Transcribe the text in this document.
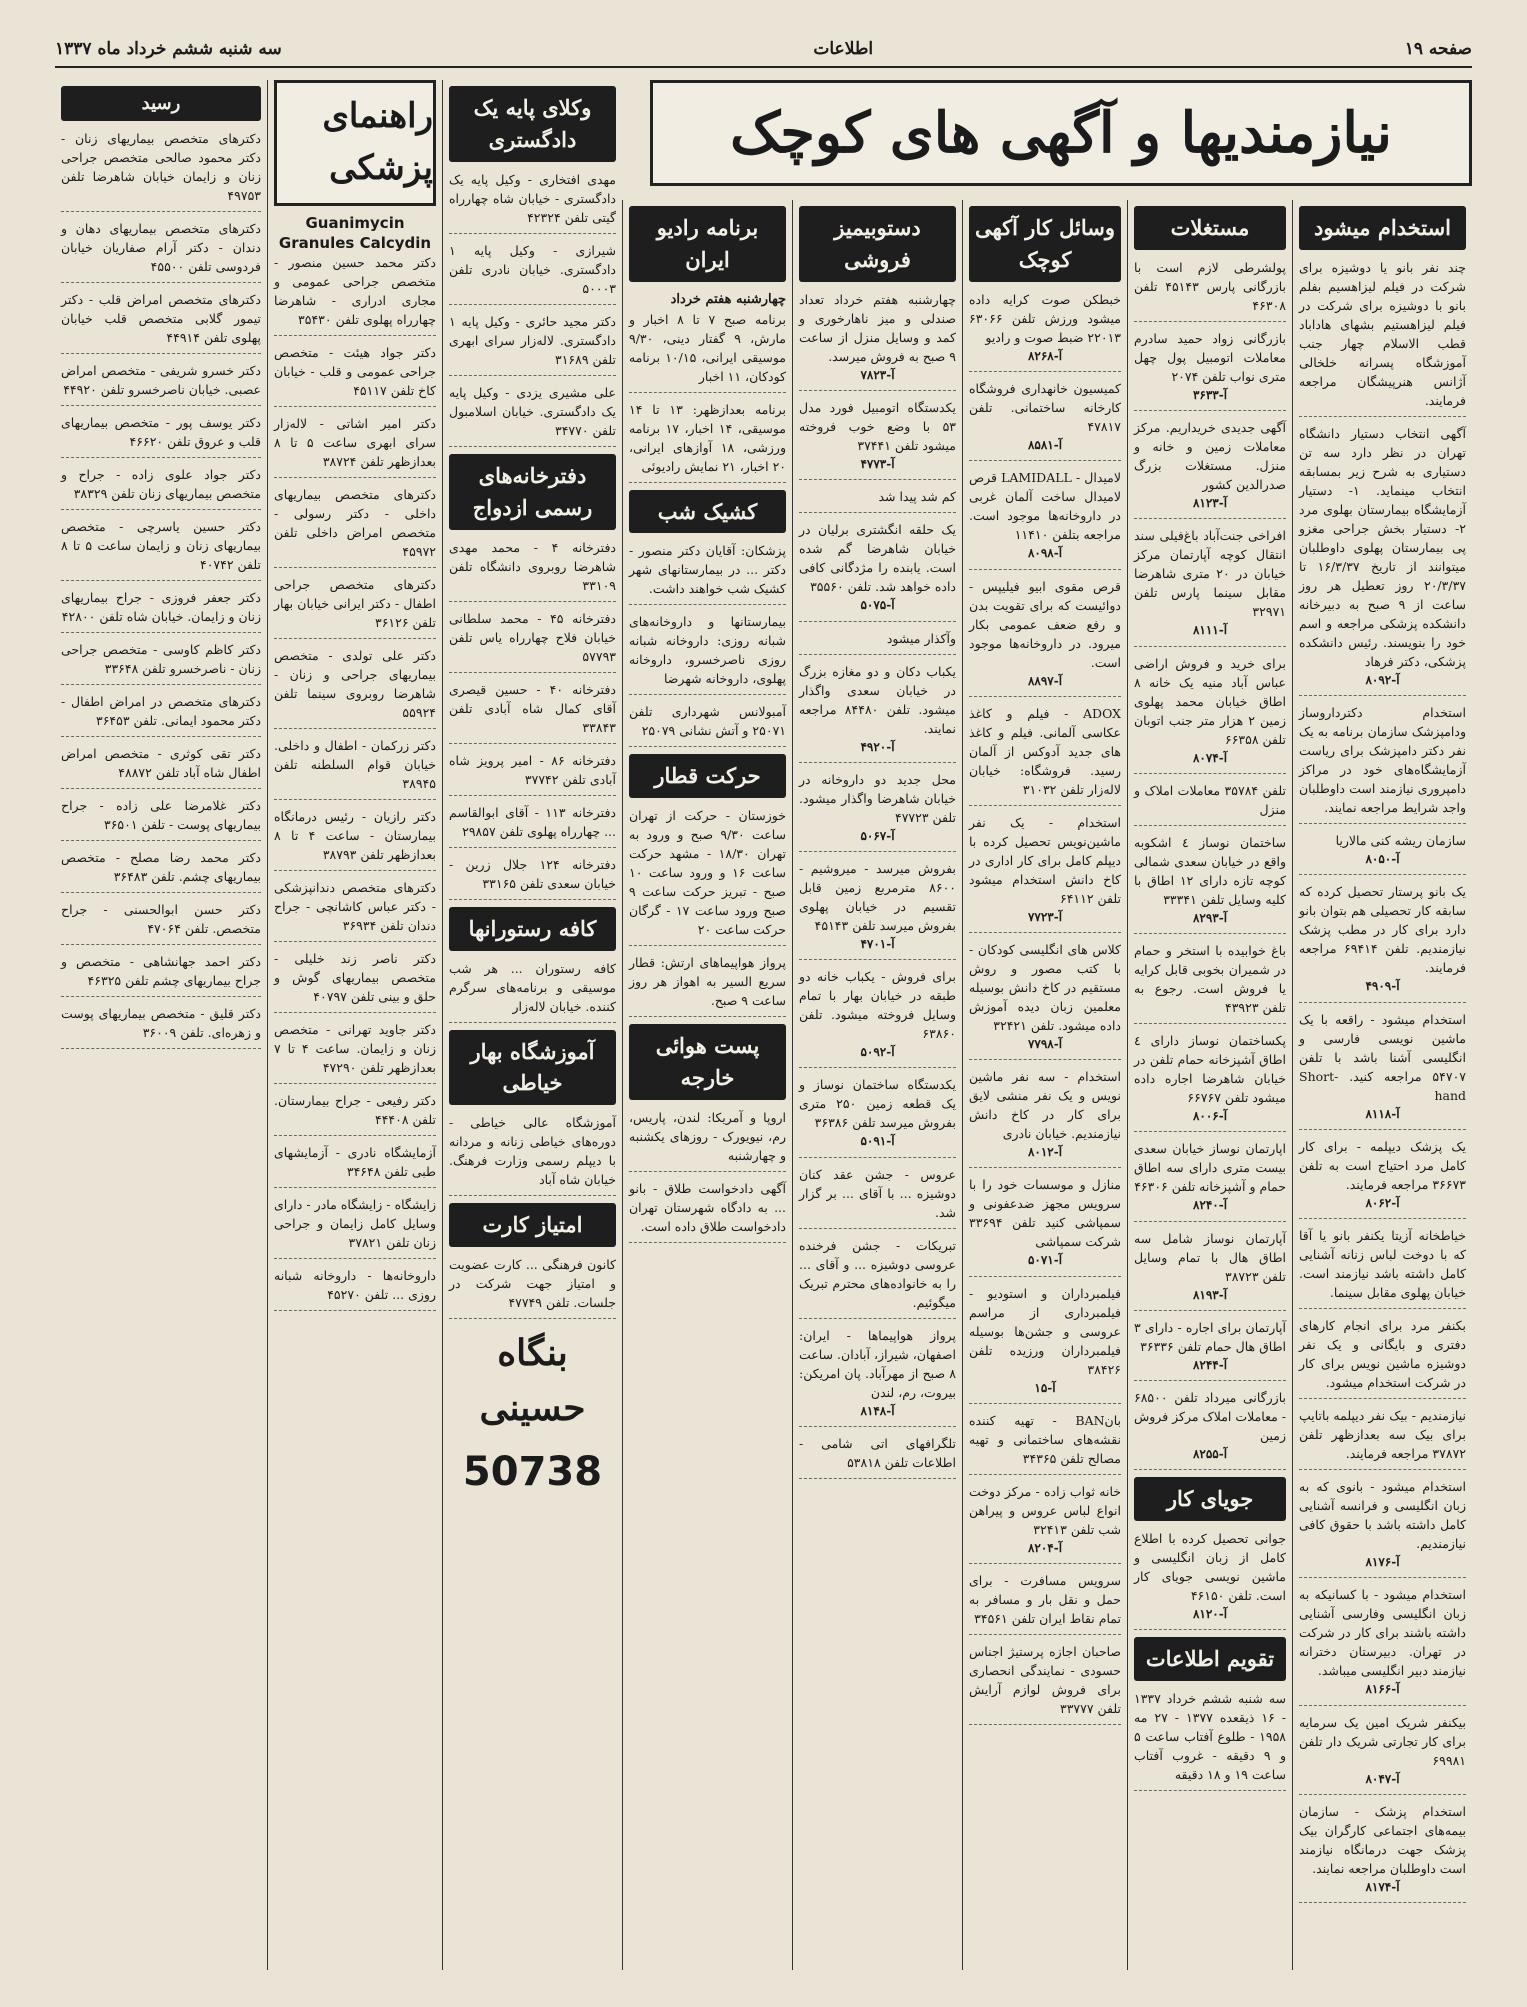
صفحه ۱۹
اطلاعات
سه شنبه ششم خرداد ماه ۱۳۳۷
نیازمندیها و آگهی های کوچک
استخدام میشود
چند نفر بانو یا دوشیزه برای شرکت در فیلم لیزاهسیم بفلم بانو با دوشیزه برای شرکت در فیلم لیزاهستیم بشهای هاداباد قطب الاسلام چهار جنب آموزشگاه پسرانه خلخالی آژانس هنرپیشگان مراجعه فرمایند.
آگهی انتخاب دستیار دانشگاه تهران در نظر دارد سه تن دستیاری به شرح زیر بمسابقه انتخاب مینماید. ۱- دستیار آزمایشگاه بیمارستان بهلوی مرد ۲- دستیار بخش جراحی مغزو پی بیمارستان پهلوی داوطلبان میتوانند از تاریخ ۱۶/۳/۳۷ تا ۲۰/۳/۳۷ روز تعطیل هر روز ساعت از ۹ صبح به دبیرخانه دانشکده پزشکی مراجعه و اسم خود را بنویسند. رئیس دانشکده پزشکی، دکتر فرهاد
آ-۸۰۹۲
استخدام دکترداروساز ودامپزشک سازمان برنامه به یک نفر دکتر دامپزشک برای ریاست آزمایشگاه‌های خود در مراکز دامپروری نیازمند است داوطلبان واجد شرایط مراجعه نمایند.
سازمان ریشه کنی مالاریا
آ-۸۰۵۰
یک بانو پرستار تحصیل کرده که سابقه کار تحصیلی هم بتوان بانو دارد برای کار در مطب پزشک نیازمندیم. تلفن ۶۹۴۱۴ مراجعه فرمایند.
آ-۴۹۰۹
استخدام میشود - راقعه با یک ماشین نویسی فارسی و انگلیسی آشنا باشد با تلفن ۵۴۷۰۷ مراجعه کنید. Short-hand
آ-۸۱۱۸
یک پزشک دیپلمه - برای کار کامل مرد احتیاج است به تلفن ۳۶۶۷۳ مراجعه فرمایند.
آ-۸۰۶۲
خیاطخانه آزیتا یکنفر بانو یا آقا که با دوخت لباس زنانه آشنایی کامل داشته باشد نیازمند است. خیابان پهلوی مقابل سینما.
بکنفر مرد برای انجام کارهای دفتری و بایگانی و یک نفر دوشیزه ماشین نویس برای کار در شرکت استخدام میشود.
نیازمندیم - بیک نفر دیپلمه باتایپ برای بیک سه بعدازظهر تلفن ۳۷۸۷۲ مراجعه فرمایند.
استخدام میشود - بانوی که به زبان انگلیسی و فرانسه آشنایی کامل داشته باشد با حقوق کافی نیازمندیم.
آ-۸۱۷۶
استخدام میشود - با کسانیکه به زبان انگلیسی وفارسی آشنایی داشته باشند برای کار در شرکت در تهران. دبیرستان دخترانه نیازمند دبیر انگلیسی میباشد.
آ-۸۱۶۶
بیکنفر شریک امین یک سرمایه برای کار تجارتی شریک دار تلفن ۶۹۹۸۱
آ-۸۰۴۷
استخدام پزشک - سازمان بیمه‌های اجتماعی کارگران بیک پزشک جهت درمانگاه نیازمند است داوطلبان مراجعه نمایند.
آ-۸۱۷۴
مستغلات
پولشرطی لازم است با بازرگانی پارس ۴۵۱۴۳ تلفن ۴۶۳۰۸
بازرگانی زواد حمید سادرم معاملات اتومبیل پول چهل مترى نواب تلفن ۲۰۷۴
آ-۳۶۳۳
آگهی جدیدی خریداریم. مرکز معاملات زمین و خانه و منزل. مستغلات بزرگ صدرالدین کشور
آ-۸۱۲۳
افراخی جنت‌آباد باغ‌فیلی سند انتقال کوچه آپارتمان مرکز خیابان در ۲۰ متری شاهرضا مقابل سینما پارس تلفن ۳۲۹۷۱
آ-۸۱۱۱
برای خرید و فروش اراضی عباس آباد منیه یک خانه ۸ اطاق خیابان محمد پهلوی زمین ۲ هزار متر جنب اتوبان تلفن ۶۶۳۵۸
آ-۸۰۷۴
تلفن ۳۵۷۸۴ معاملات املاک و منزل
ساختمان نوساز ٤ اشکوبه واقع در خیابان سعدی شمالی کوچه تازه دارای ۱۲ اطاق با کلیه وسایل تلفن ۳۳۳۴۱
آ-۸۲۹۳
باغ خوابیده با استخر و حمام در شمیران بخوبی قابل کرایه یا فروش است. رجوع به تلفن ۴۳۹۲۳
پکساختمان نوساز دارای ٤ اطاق آشپزخانه حمام تلفن در خیابان شاهرضا اجاره داده میشود تلفن ۶۶۷۶۷
آ-۸۰۰۶
اپارتمان نوساز خیابان سعدی بیست متری دارای سه اطاق حمام و آشپزخانه تلفن ۴۶۳۰۶
آ-۸۲۴۰
آپارتمان نوساز شامل سه اطاق هال با تمام وسایل تلفن ۳۸۷۲۳
آ-۸۱۹۳
آپارتمان برای اجاره - دارای ۳ اطاق هال حمام تلفن ۳۶۳۳۶
آ-۸۲۴۴
بازرگانی میرداد تلفن ۶۸۵۰۰ - معاملات املاک مرکز فروش زمین
آ-۸۲۵۵
جویای کار
جوانی تحصیل کرده با اطلاع کامل از زبان انگلیسی و ماشین نویسی جویای کار است. تلفن ۴۶۱۵۰
آ-۸۱۲۰
تقویم اطلاعات
سه شنبه ششم خرداد ۱۳۳۷ - ۱۶ ذیقعده ۱۳۷۷ - ۲۷ مه ۱۹۵۸ - طلوع آفتاب ساعت ۵ و ۹ دقیقه - غروب آفتاب ساعت ۱۹ و ۱۸ دقیقه
وسائل کار آکهی کوچک
خبطکن صوت کرایه داده میشود ورزش تلفن ۶۳۰۶۶ ۲۲۰۱۳ ضبط صوت و رادیو
آ-۸۲۶۸
کمیسیون خانهداری فروشگاه کارخانه ساختمانی. تلفن ۴۷۸۱۷
آ-۸۵۸۱
لامیدال - LAMIDALL قرص لامیدال ساخت آلمان غربی در داروخانه‌ها موجود است. مراجعه بتلفن ۱۱۴۱۰
آ-۸۰۹۸
قرص مقوی ابیو فیلیپس - دوائیست که برای تقویت بدن و رفع ضعف عمومی بکار میرود. در داروخانه‌ها موجود است.
آ-۸۸۹۷
ADOX - فیلم و کاغذ عکاسی آلمانی. فیلم و کاغذ های جدید آدوکس از آلمان رسید. فروشگاه: خیابان لاله‌زار تلفن ۳۱۰۳۲
استخدام - یک نفر ماشین‌نویس تحصیل کرده با دیپلم کامل برای کار اداری در کاخ دانش استخدام میشود تلفن ۶۴۱۱۲
آ-۷۷۲۳
کلاس های انگلیسی کودکان - با کتب مصور و روش مستقیم در کاخ دانش بوسیله معلمین زبان دیده آموزش داده میشود. تلفن ۳۲۴۲۱
آ-۷۷۹۸
استخدام - سه نفر ماشین نویس و یک نفر منشی لایق برای کار در کاخ دانش نیازمندیم. خیابان نادری
آ-۸۰۱۲
منازل و موسسات خود را با سرویس مجهز ضدعفونی و سمپاشی کنید تلفن ۳۳۶۹۴ شرکت سمپاشی
آ-۵۰۷۱
فیلمبرداران و استودیو - فیلمبرداری از مراسم عروسی و جشن‌ها بوسیله فیلمبرداران ورزیده تلفن ۳۸۴۲۶
آ-۱۵
بانBAN - تهیه کننده نقشه‌های ساختمانی و تهیه مصالح تلفن ۳۴۳۶۵
خانه ثواب زاده - مرکز دوخت انواع لباس عروس و پیراهن شب تلفن ۳۲۴۱۳
آ-۸۲۰۴
سرویس مسافرت - برای حمل و نقل بار و مسافر به تمام نقاط ایران تلفن ۳۴۵۶۱
صاحبان اجازه پرستیژ اجناس حسودی - نمایندگی انحصاری برای فروش لوازم آرایش تلفن ۳۳۷۷۷
دستوبیمیز فروشی
چهارشنبه هفتم خرداد تعداد صندلی و میز ناهارخوری و کمد و وسایل منزل از ساعت ۹ صبح به فروش میرسد.
آ-۷۸۲۳
یکدستگاه اتومبیل فورد مدل ۵۳ با وضع خوب فروخته میشود تلفن ۳۷۴۴۱
آ-۴۷۷۳
کم شد پیدا شد
یک حلقه انگشتری برلیان در خیابان شاهرضا گم شده است. یابنده را مژدگانی کافی داده خواهد شد. تلفن ۳۵۵۶۰
آ-۵۰۷۵
وآکذار میشود
یکباب دکان و دو مغازه بزرگ در خیابان سعدی واگذار میشود. تلفن ۸۴۴۸۰ مراجعه نمایند.
آ-۴۹۲۰
محل جدید دو داروخانه در خیابان شاهرضا واگذار میشود. تلفن ۴۷۷۲۳
آ-۵۰۶۷
بفروش میرسد - میروشیم - ۸۶۰۰ مترمربع زمین قابل تقسیم در خیابان پهلوی بفروش میرسد تلفن ۴۵۱۴۳
آ-۴۷۰۱
برای فروش - یکباب خانه دو طبقه در خیابان بهار با تمام وسایل فروخته میشود. تلفن ۶۳۸۶۰
آ-۵۰۹۲
یکدستگاه ساختمان نوساز و یک قطعه زمین ۲۵۰ متری بفروش میرسد تلفن ۳۶۳۸۶
آ-۵۰۹۱
عروس - جشن عقد کنان دوشیزه ... با آقای ... بر گزار شد.
تبریکات - جشن فرخنده عروسی دوشیزه ... و آقای ... را به خانواده‌های محترم تبریک میگوئیم.
پرواز هواپیماها - ایران: اصفهان، شیراز، آبادان. ساعت ۸ صبح از مهرآباد. پان امریکن: بیروت، رم، لندن
آ-۸۱۴۸
تلگرافهای اتی شامی - اطلاعات تلفن ۵۳۸۱۸
برنامه رادیو ایران
چهارشنبه هفتم خرداد
برنامه صبح ۷ تا ۸ اخبار و مارش، ۹ گفتار دینی، ۹/۳۰ موسیقی ایرانی، ۱۰/۱۵ برنامه کودکان، ۱۱ اخبار
برنامه بعدازظهر: ۱۳ تا ۱۴ موسیقی، ۱۴ اخبار، ۱۷ برنامه ورزشی، ۱۸ آوازهای ایرانی، ۲۰ اخبار، ۲۱ نمایش رادیوئی
کشیک شب
پزشکان: آقایان دکتر منصور - دکتر ... در بیمارستانهای شهر کشیک شب خواهند داشت.
بیمارستانها و داروخانه‌های شبانه روزی: داروخانه شبانه روزی ناصرخسرو، داروخانه پهلوی، داروخانه شهرضا
آمبولانس شهرداری تلفن ۲۵۰۷۱ و آتش نشانی ۲۵۰۷۹
حرکت قطار
خوزستان - حرکت از تهران ساعت ۹/۳۰ صبح و ورود به تهران ۱۸/۳۰ - مشهد حرکت ساعت ۱۶ و ورود ساعت ۱۰ صبح - تبریز حرکت ساعت ۹ صبح ورود ساعت ۱۷ - گرگان حرکت ساعت ۲۰
پرواز هواپیماهای ارتش: قطار سریع السیر به اهواز هر روز ساعت ۹ صبح.
پست هوائی خارجه
اروپا و آمریکا: لندن، پاریس، رم، نیویورک - روزهای یکشنبه و چهارشنبه
آگهی دادخواست طلاق - بانو ... به دادگاه شهرستان تهران دادخواست طلاق داده است.
وکلای پایه یک دادگستری
مهدی افتخاری - وکیل پایه یک دادگستری - خیابان شاه چهارراه گیتی تلفن ۴۲۳۲۴
شیرازی - وکیل پایه ۱ دادگستری. خیابان نادری تلفن ۵۰۰۰۳
دکتر مجید حائری - وکیل پایه ۱ دادگستری. لاله‌زار سرای ابهری تلفن ۳۱۶۸۹
علی مشیری یزدی - وکیل پایه یک دادگستری. خیابان اسلامبول تلفن ۳۴۷۷۰
دفترخانه‌های رسمی ازدواج
دفترخانه ۴ - محمد مهدی شاهرضا روبروی دانشگاه تلفن ۳۳۱۰۹
دفترخانه ۴۵ - محمد سلطانی خیابان فلاح چهارراه یاس تلفن ۵۷۷۹۳
دفترخانه ۴۰ - حسین قیصری آقای کمال شاه آبادی تلفن ۳۳۸۴۳
دفترخانه ۸۶ - امیر پرویز شاه آبادی تلفن ۳۷۷۴۲
دفترخانه ۱۱۳ - آقای ابوالقاسم ... چهارراه پهلوی تلفن ۲۹۸۵۷
دفترخانه ۱۲۴ جلال زرین - خیابان سعدی تلفن ۳۳۱۶۵
کافه رستورانها
کافه رستوران ... هر شب موسیقی و برنامه‌های سرگرم کننده. خیابان لاله‌زار
آموزشگاه بهار خیاطی
آموزشگاه عالی خیاطی - دوره‌های خیاطی زنانه و مردانه با دیپلم رسمی وزارت فرهنگ. خیابان شاه آباد
امتیاز کارت
کانون فرهنگی ... کارت عضویت و امتیاز جهت شرکت در جلسات. تلفن ۴۷۷۴۹
بنگاه حسینی
50738
راهنمای پزشکی
Guanimycin Granules Calcydin
دکتر محمد حسین منصور - متخصص جراحی عمومی و مجاری ادراری - شاهرضا چهارراه پهلوی تلفن ۳۵۴۳۰
دکتر جواد هیئت - متخصص جراحی عمومی و قلب - خیابان کاخ تلفن ۴۵۱۱۷
دکتر امیر اشاتی - لاله‌زار سرای ابهری ساعت ۵ تا ۸ بعدازظهر تلفن ۳۸۷۲۴
دکترهای متخصص بیماریهای داخلی - دکتر رسولی - متخصص امراض داخلی تلفن ۴۵۹۷۲
دکترهای متخصص جراحی اطفال - دکتر ایرانی خیابان بهار تلفن ۳۶۱۲۶
دکتر علی تولدی - متخصص بیماریهای جراحی و زنان - شاهرضا روبروی سینما تلفن ۵۵۹۲۴
دکتر زرکمان - اطفال و داخلی. خیابان قوام السلطنه تلفن ۳۸۹۴۵
دکتر رازیان - رئیس درمانگاه بیمارستان - ساعت ۴ تا ۸ بعدازظهر تلفن ۳۸۷۹۳
دکترهای متخصص دندانپزشکی - دکتر عباس کاشانچی - جراح دندان تلفن ۳۶۹۳۴
دکتر ناصر زند خلیلی - متخصص بیماریهای گوش و حلق و بینی تلفن ۴۰۷۹۷
دکتر جاوید تهرانی - متخصص زنان و زایمان. ساعت ۴ تا ۷ بعدازظهر تلفن ۴۷۲۹۰
دکتر رفیعی - جراح بیمارستان. تلفن ۴۴۴۰۸
آزمایشگاه نادری - آزمایشهای طبی تلفن ۳۴۶۴۸
زایشگاه - زایشگاه مادر - دارای وسایل کامل زایمان و جراحی زنان تلفن ۳۷۸۲۱
داروخانه‌ها - داروخانه شبانه روزی ... تلفن ۴۵۲۷۰
رسید
دکترهای متخصص بیماریهای زنان - دکتر محمود صالحی متخصص جراحی زنان و زایمان خیابان شاهرضا تلفن ۴۹۷۵۳
دکترهای متخصص بیماریهای دهان و دندان - دکتر آرام صفاریان خیابان فردوسی تلفن ۴۵۵۰۰
دکترهای متخصص امراض قلب - دکتر تیمور گلابی متخصص قلب خیابان پهلوی تلفن ۴۴۹۱۴
دکتر خسرو شریفی - متخصص امراض عصبی. خیابان ناصرخسرو تلفن ۴۴۹۲۰
دکتر یوسف پور - متخصص بیماریهای قلب و عروق تلفن ۴۶۶۲۰
دکتر جواد علوی زاده - جراح و متخصص بیماریهای زنان تلفن ۳۸۳۲۹
دکتر حسین یاسرچی - متخصص بیماریهای زنان و زایمان ساعت ۵ تا ۸ تلفن ۴۰۷۴۲
دکتر جعفر فروزی - جراح بیماریهای زنان و زایمان. خیابان شاه تلفن ۴۲۸۰۰
دکتر کاظم کاوسی - متخصص جراحی زنان - ناصرخسرو تلفن ۳۳۶۴۸
دکترهای متخصص در امراض اطفال - دکتر محمود ایمانی. تلفن ۳۶۴۵۳
دکتر تقی کوثری - متخصص امراض اطفال شاه آباد تلفن ۴۸۸۷۲
دکتر غلامرضا علی زاده - جراح بیماریهای پوست - تلفن ۳۶۵۰۱
دکتر محمد رضا مصلح - متخصص بیماریهای چشم. تلفن ۳۶۴۸۳
دکتر حسن ابوالحسنی - جراح متخصص. تلفن ۴۷۰۶۴
دکتر احمد جهانشاهی - متخصص و جراح بیماریهای چشم تلفن ۴۶۳۲۵
دکتر قلیق - متخصص بیماریهای پوست و زهره‌ای. تلفن ۳۶۰۰۹
